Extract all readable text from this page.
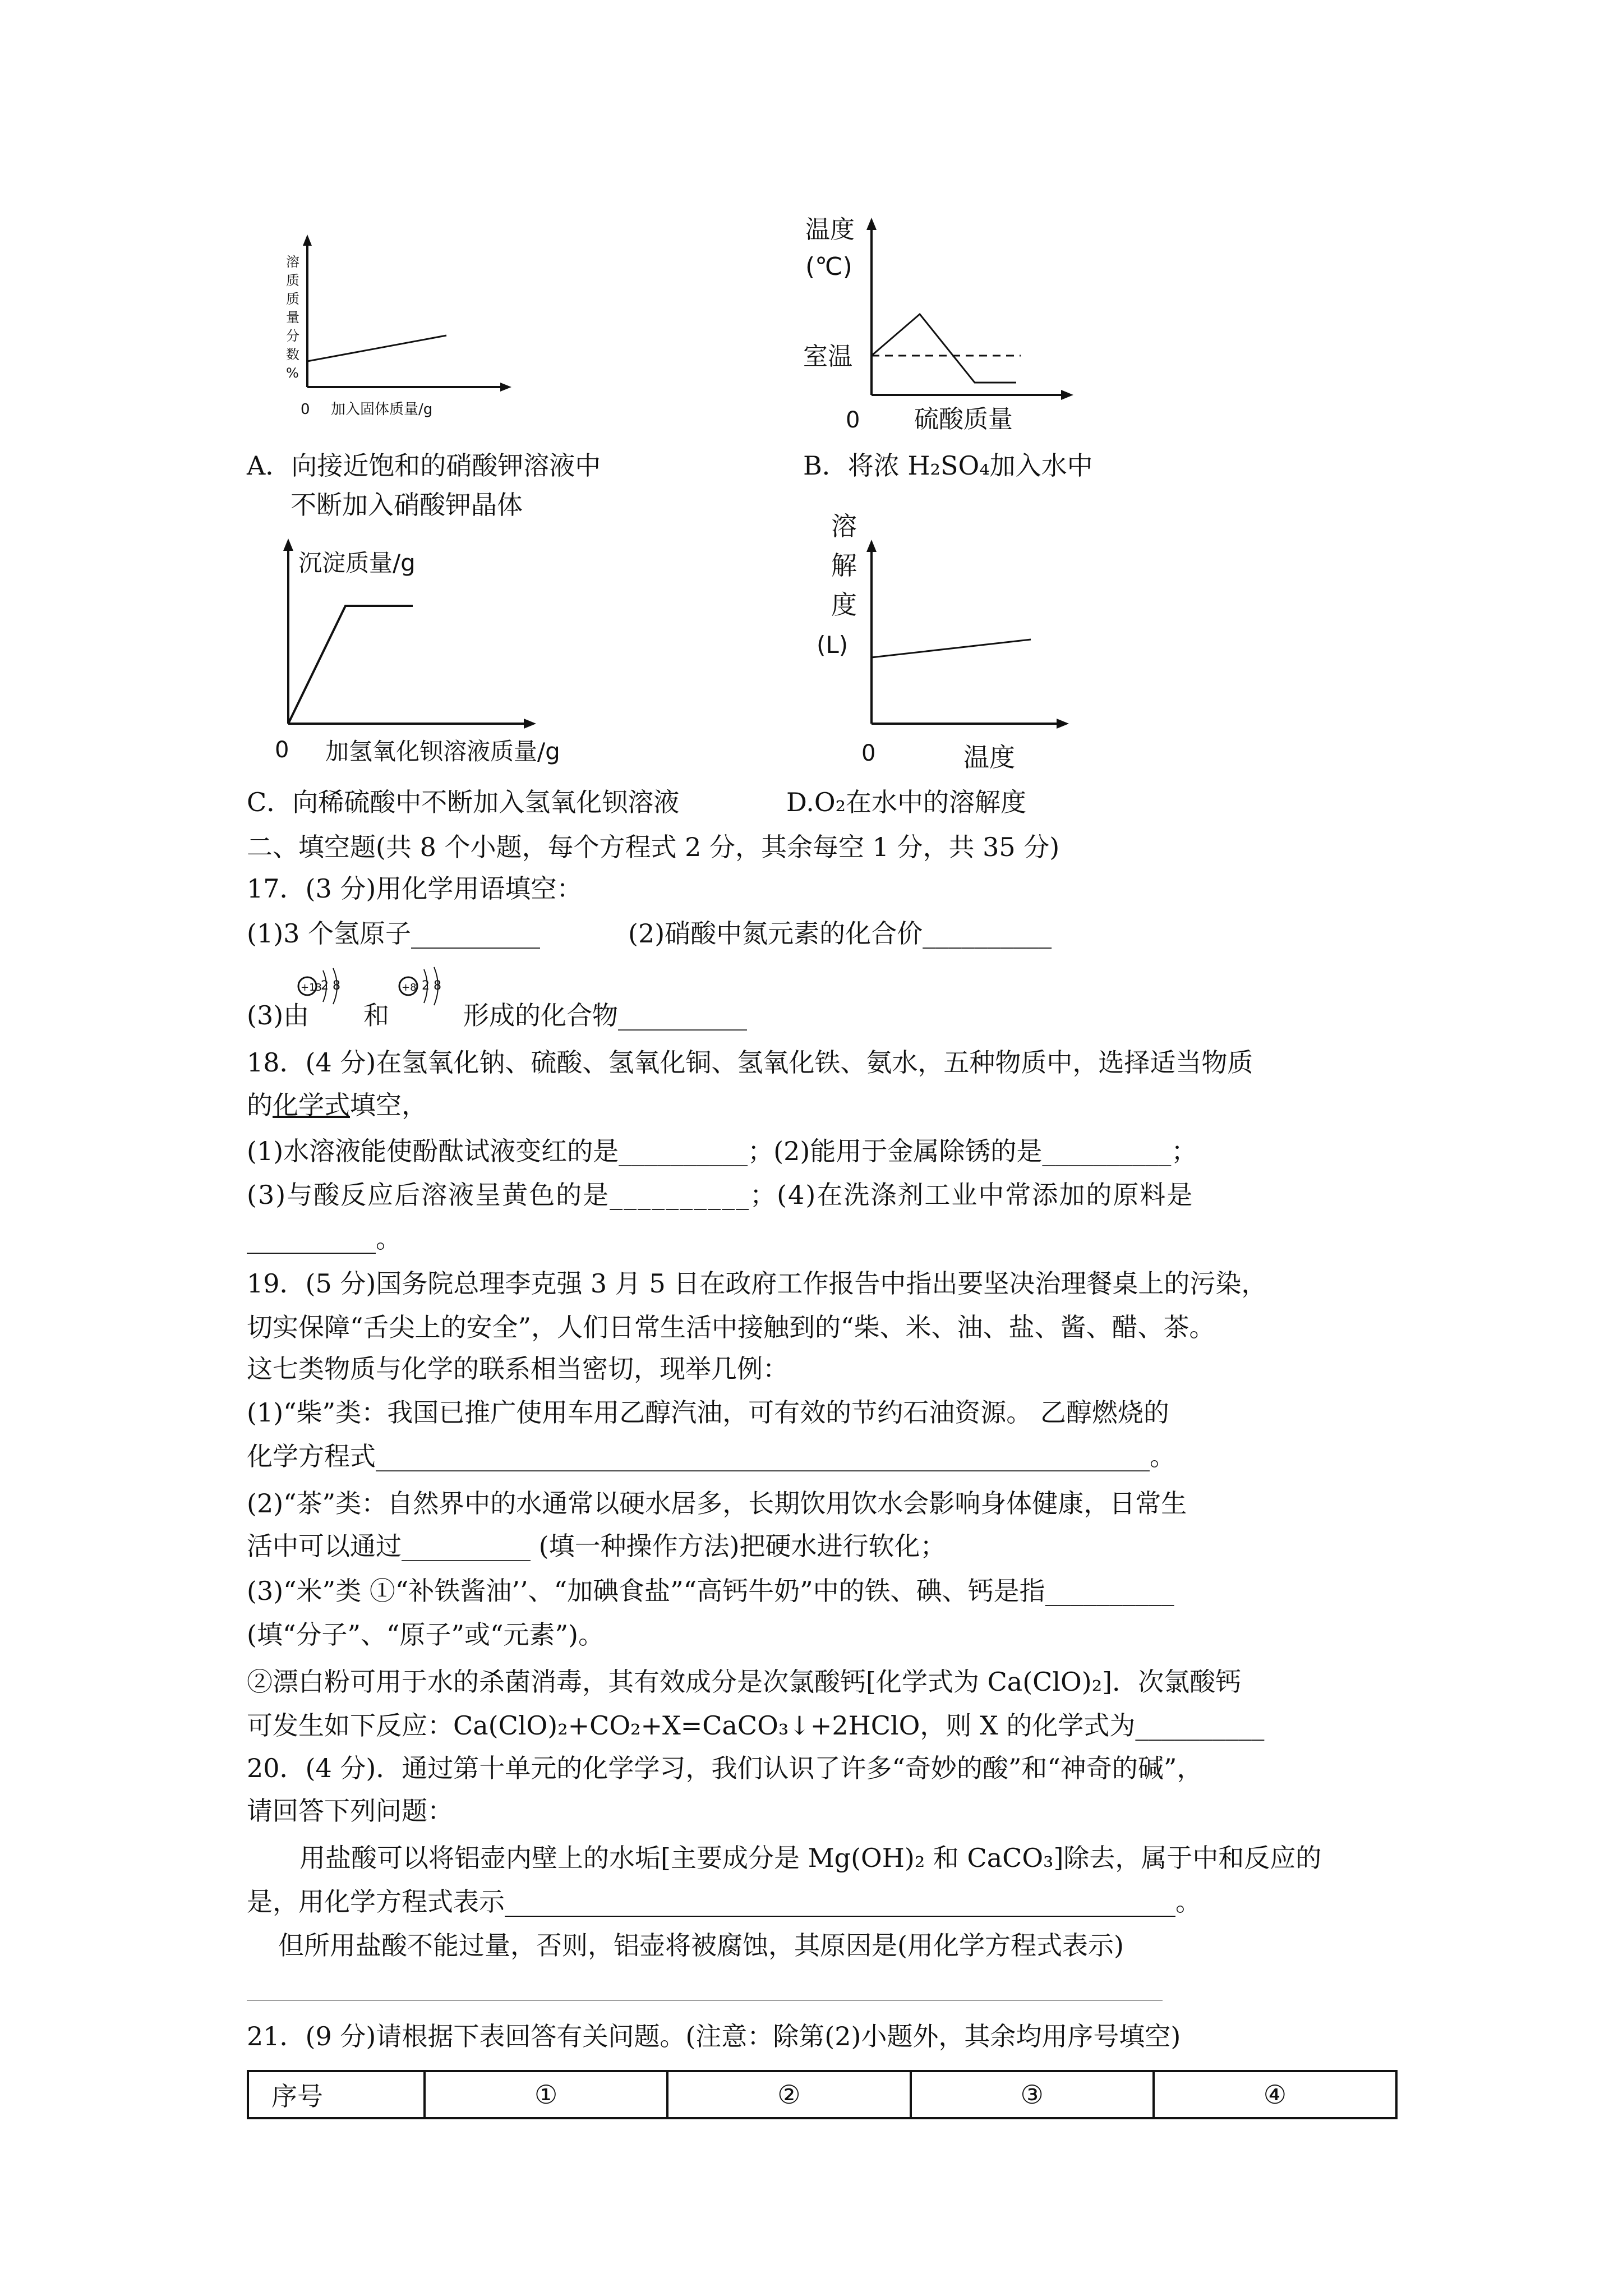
溶
质
质
量
分
数
%
0 加入固体质量/g
A．向接近饱和的硝酸钾溶液中
不断加入硝酸钾晶体
温度
(℃)
室温
0 硫酸质量
B．将浓 H₂SO₄加入水中
沉淀质量/g
0 加氢氧化钡溶液质量/g
C．向稀硫酸中不断加入氢氧化钡溶液
溶
解
度
(L)
0	温度
D.O₂在水中的溶解度
二、填空题(共 8 个小题，每个方程式 2 分，其余每空 1 分，共 35 分)
17．(3 分)用化学用语填空：
(1)3 个氢原子__________	(2)硝酸中氮元素的化合价__________
(3)由
+13
2 8
和
+8 2 8
形成的化合物__________
18．(4 分)在氢氧化钠、硫酸、氢氧化铜、氢氧化铁、氨水，五种物质中，选择适当物质
的化学式填空，
(1)水溶液能使酚酞试液变红的是__________；(2)能用于金属除锈的是__________；
(3)与酸反应后溶液呈黄色的是__________；(4)在洗涤剂工业中常添加的原料是
__________。
19．(5 分)国务院总理李克强 3 月 5 日在政府工作报告中指出要坚决治理餐桌上的污染，
切实保障“舌尖上的安全”，人们日常生活中接触到的“柴、米、油、盐、酱、醋、茶。
这七类物质与化学的联系相当密切，现举几例：
(1)“柴”类：我国已推广使用车用乙醇汽油，可有效的节约石油资源。 乙醇燃烧的
化学方程式____________________________________________________________。
(2)“茶”类：自然界中的水通常以硬水居多，长期饮用饮水会影响身体健康，日常生
活中可以通过__________ (填一种操作方法)把硬水进行软化；
(3)“米”类 ①“补铁酱油’’、“加碘食盐”“高钙牛奶”中的铁、碘、钙是指__________
(填“分子”、“原子”或“元素”)。
②漂白粉可用于水的杀菌消毒，其有效成分是次氯酸钙[化学式为 Ca(ClO)₂]．次氯酸钙
可发生如下反应：Ca(ClO)₂+CO₂+X=CaCO₃↓+2HClO，则 X 的化学式为__________
20．(4 分)．通过第十单元的化学学习，我们认识了许多“奇妙的酸”和“神奇的碱”，
请回答下列问题：
用盐酸可以将铝壶内壁上的水垢[主要成分是 Mg(OH)₂ 和 CaCO₃]除去，属于中和反应的
是，用化学方程式表示____________________________________________________。
但所用盐酸不能过量，否则，铝壶将被腐蚀，其原因是(用化学方程式表示)
_______________________________________________________________________
21．(9 分)请根据下表回答有关问题。(注意：除第(2)小题外，其余均用序号填空)
序号	①	②	③	④
